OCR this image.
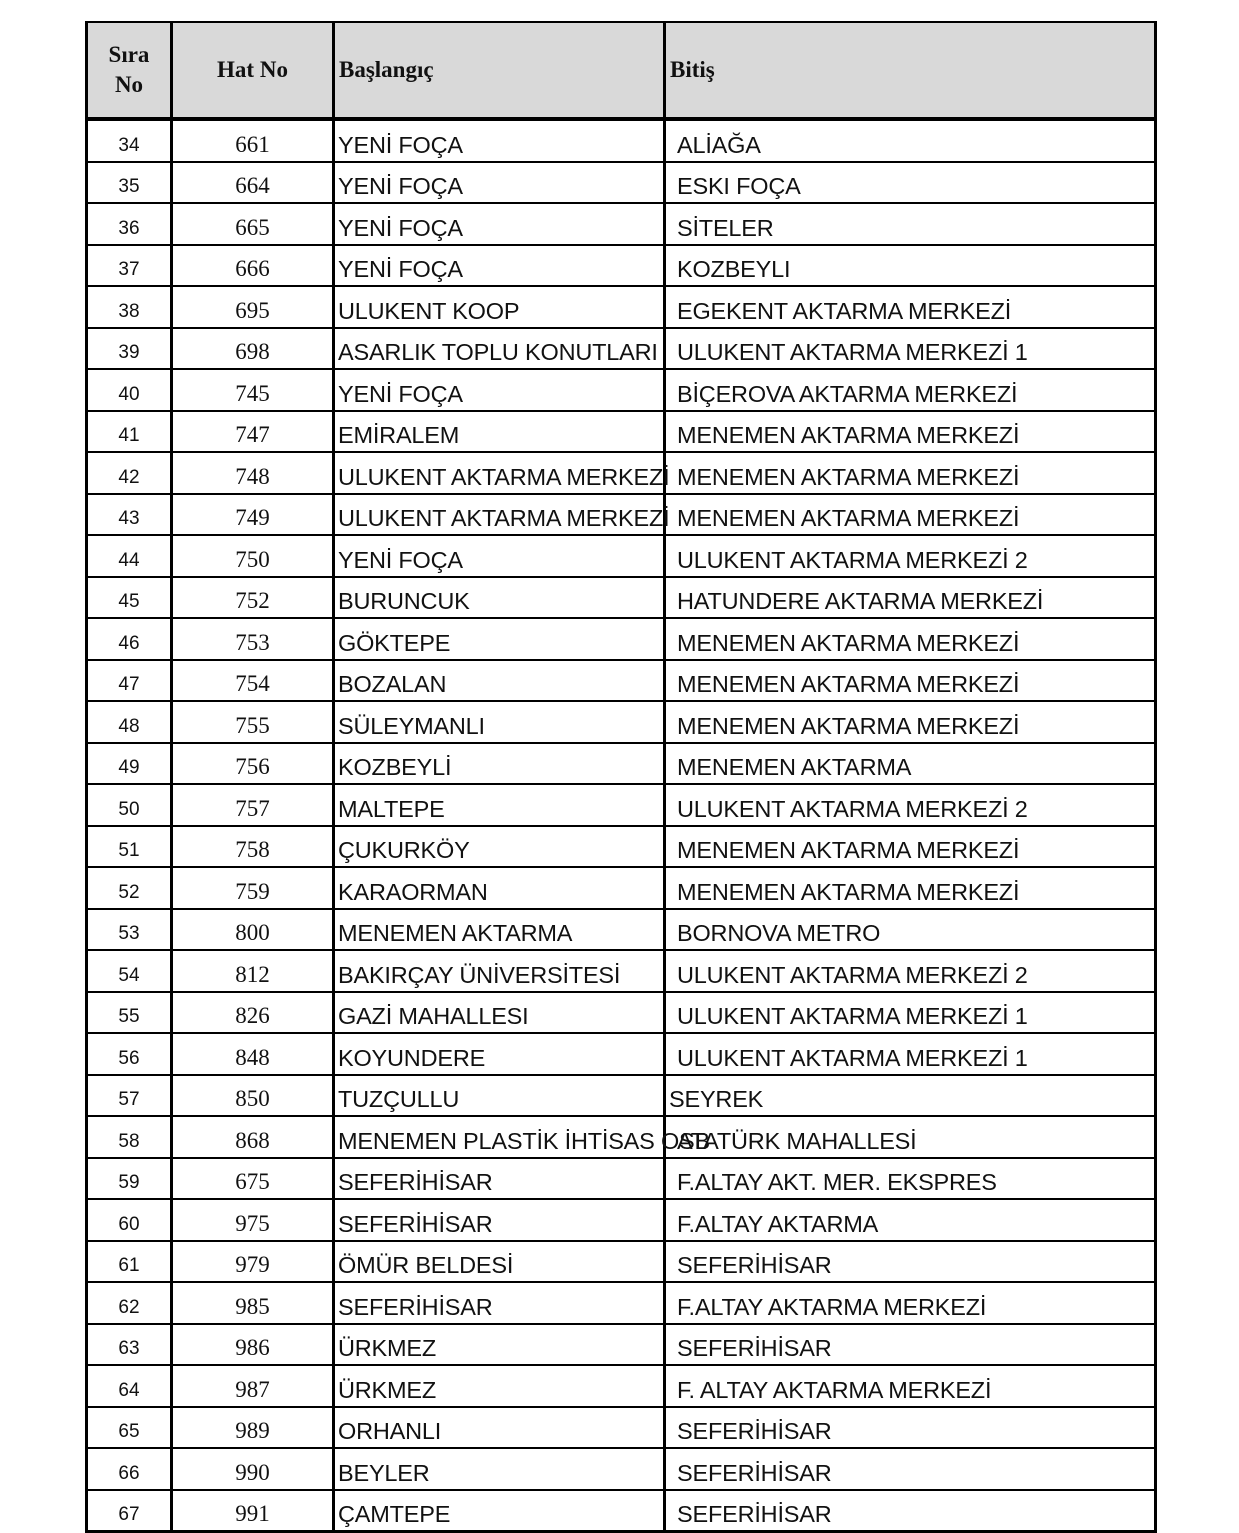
Sıra
No	Hat No	Başlangıç	Bitiş
34	661	YENİ FOÇA	ALİAĞA
35	664	YENİ FOÇA	ESKI FOÇA
36	665	YENİ FOÇA	SİTELER
37	666	YENİ FOÇA	KOZBEYLI
38	695	ULUKENT KOOP	EGEKENT AKTARMA MERKEZİ
39	698	ASARLIK TOPLU KONUTLARI	ULUKENT AKTARMA MERKEZİ 1
40	745	YENİ FOÇA	BİÇEROVA AKTARMA MERKEZİ
41	747	EMİRALEM	MENEMEN AKTARMA MERKEZİ
42	748	ULUKENT AKTARMA MERKEZİ	MENEMEN AKTARMA MERKEZİ
43	749	ULUKENT AKTARMA MERKEZİ	MENEMEN AKTARMA MERKEZİ
44	750	YENİ FOÇA	ULUKENT AKTARMA MERKEZİ 2
45	752	BURUNCUK	HATUNDERE AKTARMA MERKEZİ
46	753	GÖKTEPE	MENEMEN AKTARMA MERKEZİ
47	754	BOZALAN	MENEMEN AKTARMA MERKEZİ
48	755	SÜLEYMANLI	MENEMEN AKTARMA MERKEZİ
49	756	KOZBEYLİ	MENEMEN AKTARMA
50	757	MALTEPE	ULUKENT AKTARMA MERKEZİ 2
51	758	ÇUKURKÖY	MENEMEN AKTARMA MERKEZİ
52	759	KARAORMAN	MENEMEN AKTARMA MERKEZİ
53	800	MENEMEN AKTARMA	BORNOVA METRO
54	812	BAKIRÇAY ÜNİVERSİTESİ	ULUKENT AKTARMA MERKEZİ 2
55	826	GAZİ MAHALLESI	ULUKENT AKTARMA MERKEZİ 1
56	848	KOYUNDERE	ULUKENT AKTARMA MERKEZİ 1
57	850	TUZÇULLU	SEYREK
58	868	MENEMEN PLASTİK İHTİSAS OSB	ATATÜRK MAHALLESİ
59	675	SEFERİHİSAR	F.ALTAY AKT. MER. EKSPRES
60	975	SEFERİHİSAR	F.ALTAY AKTARMA
61	979	ÖMÜR BELDESİ	SEFERİHİSAR
62	985	SEFERİHİSAR	F.ALTAY AKTARMA MERKEZİ
63	986	ÜRKMEZ	SEFERİHİSAR
64	987	ÜRKMEZ	F. ALTAY AKTARMA MERKEZİ
65	989	ORHANLI	SEFERİHİSAR
66	990	BEYLER	SEFERİHİSAR
67	991	ÇAMTEPE	SEFERİHİSAR
